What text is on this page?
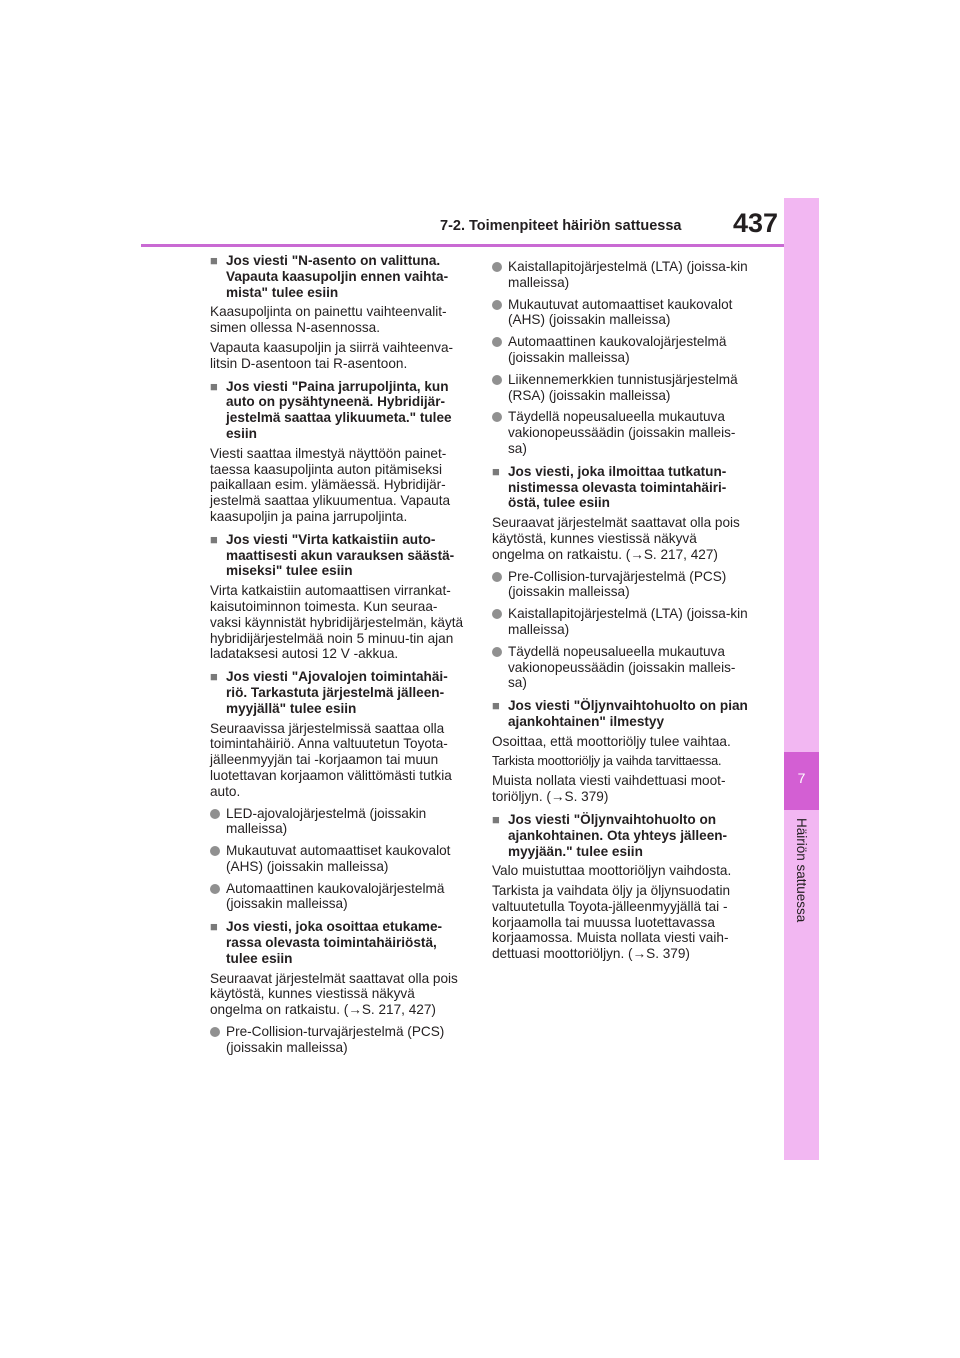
7-2. Toimenpiteet häiriön sattuessa 437
7
Häiriön sattuessa
■ Jos viesti "N-asento on valittuna. Vapauta kaasupoljin ennen vaihta-mista" tulee esiin
Kaasupoljinta on painettu vaihteenvalit-simen ollessa N-asennossa.
Vapauta kaasupoljin ja siirrä vaihteenva-litsin D-asentoon tai R-asentoon.
■ Jos viesti "Paina jarrupoljinta, kun auto on pysähtyneenä. Hybridijär-jestelmä saattaa ylikuumeta." tulee esiin
Viesti saattaa ilmestyä näyttöön painet-taessa kaasupoljinta auton pitämiseksi paikallaan esim. ylämäessä. Hybridijär-jestelmä saattaa ylikuumentua. Vapauta kaasupoljin ja paina jarrupoljinta.
■ Jos viesti "Virta katkaistiin auto-maattisesti akun varauksen säästä-miseksi" tulee esiin
Virta katkaistiin automaattisen virrankat-kaisutoiminnon toimesta. Kun seuraa-vaksi käynnistät hybridijärjestelmän, käytä hybridijärjestelmää noin 5 minuu-tin ajan ladataksesi autosi 12 V -akkua.
■ Jos viesti "Ajovalojen toimintahäi-riö. Tarkastuta järjestelmä jälleen-myyjällä" tulee esiin
Seuraavissa järjestelmissä saattaa olla toimintahäiriö. Anna valtuutetun Toyota-jälleenmyyjän tai -korjaamon tai muun luotettavan korjaamon välittömästi tutkia auto.
LED-ajovalojärjestelmä (joissakin malleissa)
Mukautuvat automaattiset kaukovalot (AHS) (joissakin malleissa)
Automaattinen kaukovalojärjestelmä (joissakin malleissa)
■ Jos viesti, joka osoittaa etukame-rassa olevasta toimintahäiriöstä, tulee esiin
Seuraavat järjestelmät saattavat olla pois käytöstä, kunnes viestissä näkyvä ongelma on ratkaistu. (→S. 217, 427)
Pre-Collision-turvajärjestelmä (PCS) (joissakin malleissa)
Kaistallapitojärjestelmä (LTA) (joissa-kin malleissa)
Mukautuvat automaattiset kaukovalot (AHS) (joissakin malleissa)
Automaattinen kaukovalojärjestelmä (joissakin malleissa)
Liikennemerkkien tunnistusjärjestelmä (RSA) (joissakin malleissa)
Täydellä nopeusalueella mukautuva vakionopeussäädin (joissakin malleis-sa)
■ Jos viesti, joka ilmoittaa tutkatun-nistimessa olevasta toimintahäiri-östä, tulee esiin
Seuraavat järjestelmät saattavat olla pois käytöstä, kunnes viestissä näkyvä ongelma on ratkaistu. (→S. 217, 427)
Pre-Collision-turvajärjestelmä (PCS) (joissakin malleissa)
Kaistallapitojärjestelmä (LTA) (joissa-kin malleissa)
Täydellä nopeusalueella mukautuva vakionopeussäädin (joissakin malleis-sa)
■ Jos viesti "Öljynvaihtohuolto on pian ajankohtainen" ilmestyy
Osoittaa, että moottoriöljy tulee vaihtaa.
Tarkista moottoriöljy ja vaihda tarvittaessa.
Muista nollata viesti vaihdettuasi moot-toriöljyn. (→S. 379)
■ Jos viesti "Öljynvaihtohuolto on ajankohtainen. Ota yhteys jälleen-myyjään." tulee esiin
Valo muistuttaa moottoriöljyn vaihdosta.
Tarkista ja vaihdata öljy ja öljynsuodatin valtuutetulla Toyota-jälleenmyyjällä tai -korjaamolla tai muussa luotettavassa korjaamossa. Muista nollata viesti vaih-dettuasi moottoriöljyn. (→S. 379)
